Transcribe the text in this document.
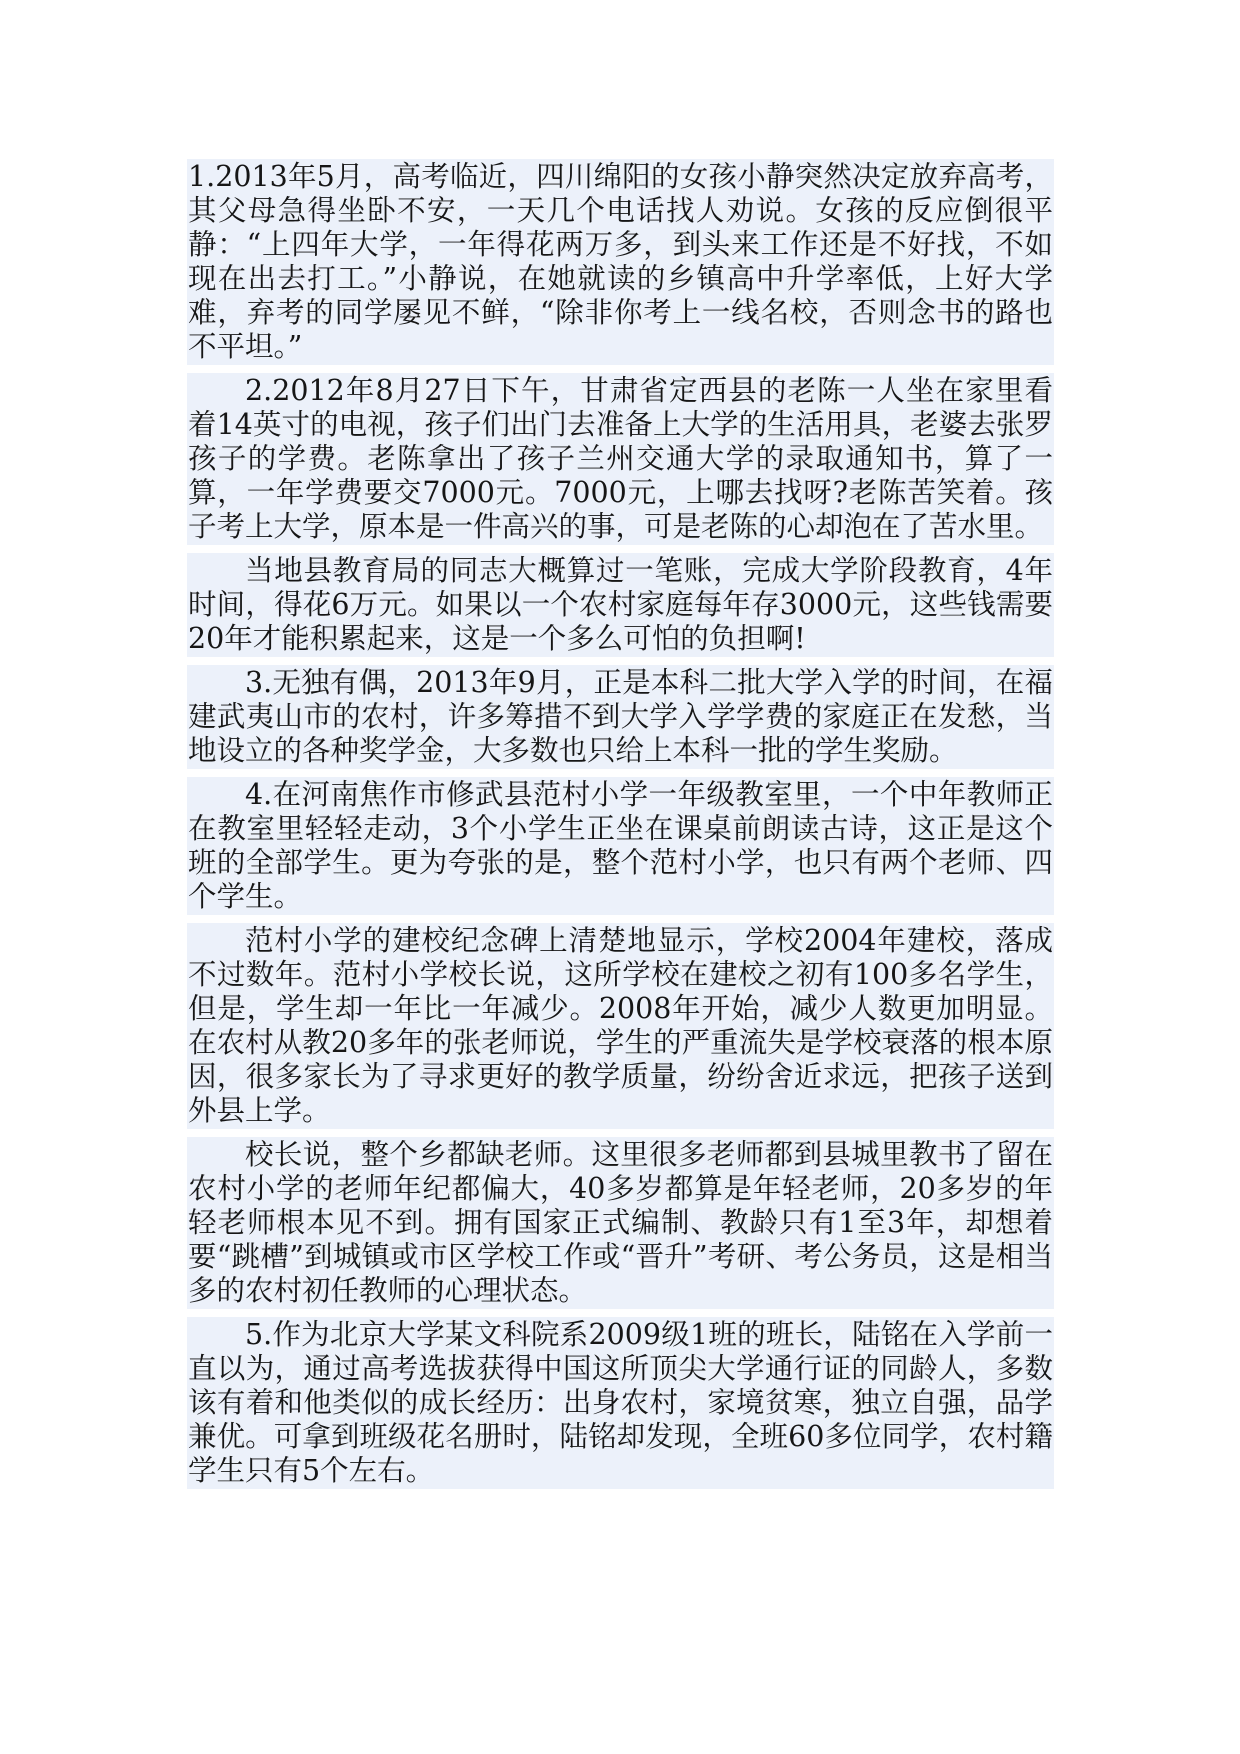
1.2013年5月，高考临近，四川绵阳的女孩小静突然决定放弃高考，其父母急得坐卧不安，一天几个电话找人劝说。女孩的反应倒很平静：“上四年大学，一年得花两万多，到头来工作还是不好找，不如现在出去打工。”小静说，在她就读的乡镇高中升学率低，上好大学难，弃考的同学屡见不鲜，“除非你考上一线名校，否则念书的路也不平坦。”

2.2012年8月27日下午，甘肃省定西县的老陈一人坐在家里看着14英寸的电视，孩子们出门去准备上大学的生活用具，老婆去张罗孩子的学费。老陈拿出了孩子兰州交通大学的录取通知书，算了一算，一年学费要交7000元。7000元，上哪去找呀?老陈苦笑着。孩子考上大学，原本是一件高兴的事，可是老陈的心却泡在了苦水里。

当地县教育局的同志大概算过一笔账，完成大学阶段教育，4年时间，得花6万元。如果以一个农村家庭每年存3000元，这些钱需要20年才能积累起来，这是一个多么可怕的负担啊!

3.无独有偶，2013年9月，正是本科二批大学入学的时间，在福建武夷山市的农村，许多筹措不到大学入学学费的家庭正在发愁，当地设立的各种奖学金，大多数也只给上本科一批的学生奖励。

4.在河南焦作市修武县范村小学一年级教室里，一个中年教师正在教室里轻轻走动，3个小学生正坐在课桌前朗读古诗，这正是这个班的全部学生。更为夸张的是，整个范村小学，也只有两个老师、四个学生。

范村小学的建校纪念碑上清楚地显示，学校2004年建校，落成不过数年。范村小学校长说，这所学校在建校之初有100多名学生，但是，学生却一年比一年减少。2008年开始，减少人数更加明显。在农村从教20多年的张老师说，学生的严重流失是学校衰落的根本原因，很多家长为了寻求更好的教学质量，纷纷舍近求远，把孩子送到外县上学。

校长说，整个乡都缺老师。这里很多老师都到县城里教书了留在农村小学的老师年纪都偏大，40多岁都算是年轻老师，20多岁的年轻老师根本见不到。拥有国家正式编制、教龄只有1至3年，却想着要“跳槽”到城镇或市区学校工作或“晋升”考研、考公务员，这是相当多的农村初任教师的心理状态。

5.作为北京大学某文科院系2009级1班的班长，陆铭在入学前一直以为，通过高考选拔获得中国这所顶尖大学通行证的同龄人，多数该有着和他类似的成长经历：出身农村，家境贫寒，独立自强，品学兼优。可拿到班级花名册时，陆铭却发现，全班60多位同学，农村籍学生只有5个左右。
